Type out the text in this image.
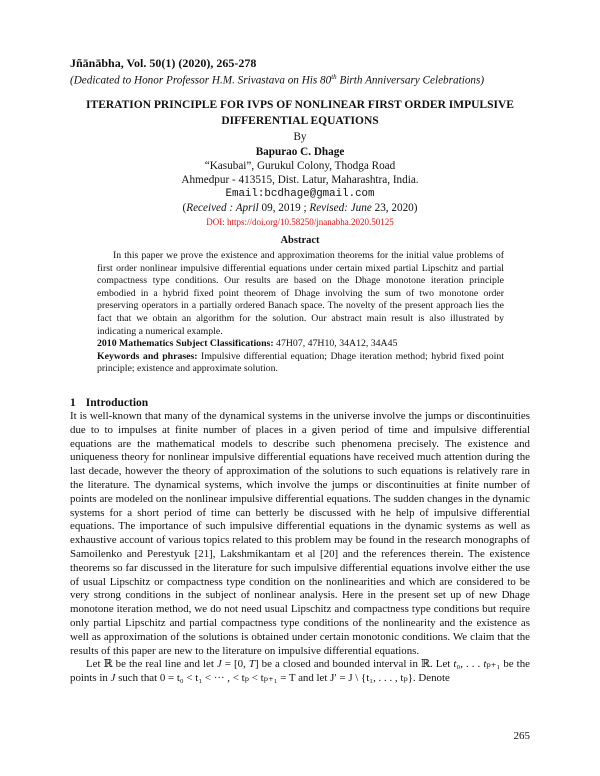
Jñānābha, Vol. 50(1) (2020), 265-278
(Dedicated to Honor Professor H.M. Srivastava on His 80th Birth Anniversary Celebrations)
ITERATION PRINCIPLE FOR IVPS OF NONLINEAR FIRST ORDER IMPULSIVE DIFFERENTIAL EQUATIONS
By
Bapurao C. Dhage
“Kasubai”, Gurukul Colony, Thodga Road
Ahmedpur - 413515, Dist. Latur, Maharashtra, India.
Email:bcdhage@gmail.com
(Received : April 09, 2019 ; Revised: June 23, 2020)
DOI: https://doi.org/10.58250/jnanabha.2020.50125
Abstract

In this paper we prove the existence and approximation theorems for the initial value problems of first order nonlinear impulsive differential equations under certain mixed partial Lipschitz and partial compactness type conditions. Our results are based on the Dhage monotone iteration principle embodied in a hybrid fixed point theorem of Dhage involving the sum of two monotone order preserving operators in a partially ordered Banach space. The novelty of the present approach lies the fact that we obtain an algorithm for the solution. Our abstract main result is also illustrated by indicating a numerical example.

2010 Mathematics Subject Classifications: 47H07, 47H10, 34A12, 34A45

Keywords and phrases: Impulsive differential equation; Dhage iteration method; hybrid fixed point principle; existence and approximate solution.

1 Introduction

It is well-known that many of the dynamical systems in the universe involve the jumps or discontinuities due to to impulses at finite number of places in a given period of time and impulsive differential equations are the mathematical models to describe such phenomena precisely. The existence and uniqueness theory for nonlinear impulsive differential equations have received much attention during the last decade, however the theory of approximation of the solutions to such equations is relatively rare in the literature. The dynamical systems, which involve the jumps or discontinuities at finite number of points are modeled on the nonlinear impulsive differential equations. The sudden changes in the dynamic systems for a short period of time can betterly be discussed with he help of impulsive differential equations. The importance of such impulsive differential equations in the dynamic systems as well as exhaustive account of various topics related to this problem may be found in the research monographs of Samoilenko and Perestyuk [21], Lakshmikantam et al [20] and the references therein. The existence theorems so far discussed in the literature for such impulsive differential equations involve either the use of usual Lipschitz or compactness type condition on the nonlinearities and which are considered to be very strong conditions in the subject of nonlinear analysis. Here in the present set up of new Dhage monotone iteration method, we do not need usual Lipschitz and compactness type conditions but require only partial Lipschitz and partial compactness type conditions of the nonlinearity and the existence as well as approximation of the solutions is obtained under certain monotonic conditions. We claim that the results of this paper are new to the literature on impulsive differential equations.

Let ℝ be the real line and let J = [0, T] be a closed and bounded interval in ℝ. Let t₀, . . . tₚ₊₁ be the points in J such that 0 = t₀ < t₁ < ··· , < tₚ < tₚ₊₁ = T and let J′ = J \ {t₁, . . . , tₚ}. Denote

265
